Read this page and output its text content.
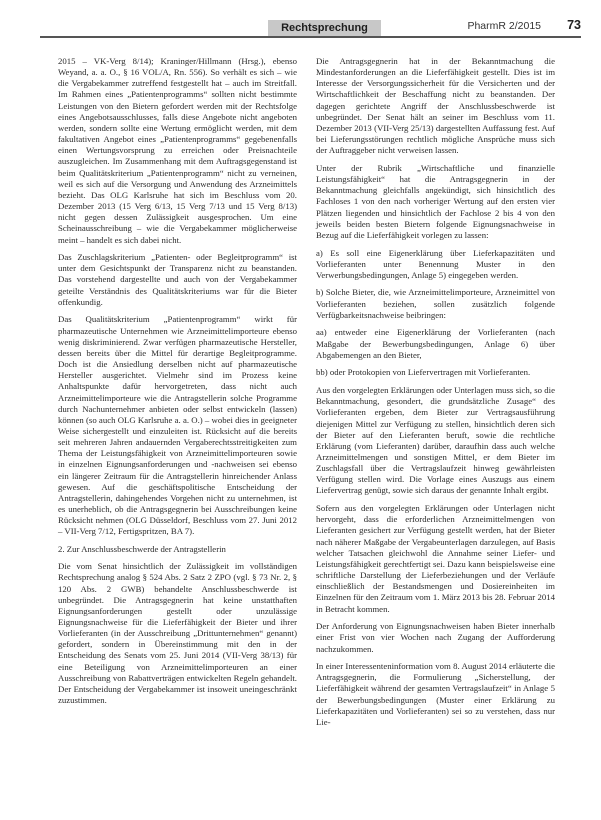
Rechtsprechung	PharmR 2/2015 73

2015 – VK-Verg 8/14); Kraninger/Hillmann (Hrsg.), ebenso Weyand, a. a. O., § 16 VOL/A, Rn. 556). So verhält es sich – wie die Vergabekammer zutreffend festgestellt hat – auch im Streitfall. Im Rahmen eines „Patientenprogramms“ sollten nicht bestimmte Leistungen von den Bietern gefordert werden mit der Rechtsfolge eines Angebotsausschlusses, falls diese Angebote nicht angeboten werden, sondern sollte eine Wertung ermöglicht werden, mit dem fakultativen Angebot eines „Patientenprogramms“ gegebenenfalls einen Wertungsvorsprung zu erreichen oder Preisnachteile auszugleichen. Im Zusammenhang mit dem Auftragsgegenstand ist beim Qualitätskriterium „Patientenprogramm“ nicht zu verneinen, weil es sich auf die Versorgung und Anwendung des Arzneimittels bezieht. Das OLG Karlsruhe hat sich im Beschluss vom 20. Dezember 2013 (15 Verg 6/13, 15 Verg 7/13 und 15 Verg 8/13) nicht gegen dessen Zulässigkeit ausgesprochen. Um eine Scheinausschreibung – wie die Vergabekammer möglicherweise meint – handelt es sich dabei nicht.

Das Zuschlagskriterium „Patienten- oder Begleitprogramm“ ist unter dem Gesichtspunkt der Transparenz nicht zu beanstanden. Das vorstehend dargestellte und auch von der Vergabekammer geteilte Verständnis des Qualitätskriteriums war für die Bieter offenkundig.

Das Qualitätskriterium „Patientenprogramm“ wirkt für pharmazeutische Unternehmen wie Arzneimittelimporteure ebenso wenig diskriminierend. Zwar verfügen pharmazeutische Hersteller, dessen bereits über die Mittel für derartige Begleitprogramme. Doch ist die Ansiedlung derselben nicht auf pharmazeutische Hersteller ausgerichtet. Vielmehr sind im Prozess keine Anhaltspunkte dafür hervorgetreten, dass nicht auch Arzneimittelimporteure wie die Antragstellerin solche Programme durch Nachunternehmer anbieten oder selbst entwickeln (lassen) können (so auch OLG Karlsruhe a. a. O.) – wobei dies in geeigneter Weise sichergestellt und einzuleiten ist. Rücksicht auf die bereits seit mehreren Jahren andauernden Vergaberechtsstreitigkeiten zum Thema der Leistungsfähigkeit von Arzneimittelimporteuren sowie in einzelnen Eignungsanforderungen und -nachweisen sei ebenso ein längerer Zeitraum für die Antragstellerin hinreichender Anlass gewesen. Auf die geschäftspolitische Entscheidung der Antragstellerin, dahingehendes Vorgehen nicht zu unternehmen, ist es unerheblich, ob die Antragsgegnerin bei Ausschreibungen keine Rücksicht nehmen (OLG Düsseldorf, Beschluss vom 27. Juni 2012 – VII-Verg 7/12, Fertigspritzen, BA 7).

2. Zur Anschlussbeschwerde der Antragstellerin

Die vom Senat hinsichtlich der Zulässigkeit im vollständigen Rechtsprechung analog § 524 Abs. 2 Satz 2 ZPO (vgl. § 73 Nr. 2, § 120 Abs. 2 GWB) behandelte Anschlussbeschwerde ist unbegründet. Die Antragsgegnerin hat keine unstatthaften Eignungsanforderungen gestellt oder unzulässige Eignungsnachweise für die Lieferfähigkeit der Bieter und ihrer Vorlieferanten (in der Ausschreibung „Drittunternehmen“ genannt) gefordert, sondern in Übereinstimmung mit den in der Entscheidung des Senats vom 25. Juni 2014 (VII-Verg 38/13) für eine Beteiligung von Arzneimittelimporteuren an einer Ausschreibung von Rabattverträgen entwickelten Regeln gehandelt. Der Entscheidung der Vergabekammer ist insoweit uneingeschränkt zuzustimmen.

Die Antragsgegnerin hat in der Bekanntmachung die Mindestanforderungen an die Lieferfähigkeit gestellt. Dies ist im Interesse der Versorgungssicherheit für die Versicherten und der Wirtschaftlichkeit der Beschaffung nicht zu beanstanden. Der dagegen gerichtete Angriff der Anschlussbeschwerde ist unbegründet. Der Senat hält an seiner im Beschluss vom 11. Dezember 2013 (VII-Verg 25/13) dargestellten Auffassung fest. Auf bei Lieferungsstörungen rechtlich mögliche Ansprüche muss sich der Auftraggeber nicht verweisen lassen.

Unter der Rubrik „Wirtschaftliche und finanzielle Leistungsfähigkeit“ hat die Antragsgegnerin in der Bekanntmachung gleichfalls angekündigt, sich hinsichtlich des Fachloses 1 von den nach vorheriger Wertung auf den ersten vier Plätzen liegenden und hinsichtlich der Fachlose 2 bis 4 von den jeweils beiden besten Bietern folgende Eignungsnachweise in Bezug auf die Lieferfähigkeit vorlegen zu lassen:

a) Es soll eine Eigenerklärung über Lieferkapazitäten und Vorlieferanten unter Benennung Muster in den Verwerbungsbedingungen, Anlage 5) eingegeben werden.

b) Solche Bieter, die, wie Arzneimittelimporteure, Arzneimittel von Vorlieferanten beziehen, sollen zusätzlich folgende Verfügbarkeitsnachweise beibringen:

aa) entweder eine Eigenerklärung der Vorlieferanten (nach Maßgabe der Bewerbungsbedingungen, Anlage 6) über Abgabemengen an den Bieter,

bb) oder Protokopien von Liefervertragen mit Vorlieferanten.

Aus den vorgelegten Erklärungen oder Unterlagen muss sich, so die Bekanntmachung, gesondert, die grundsätzliche Zusage“ des Vorlieferanten ergeben, dem Bieter zur Vertragsausführung diejenigen Mittel zur Verfügung zu stellen, hinsichtlich deren sich der Bieter auf den Lieferanten beruft, sowie die rechtliche Erklärung (vom Lieferanten) darüber, daraufhin dass auch welche Arzneimittelmengen und sonstigen Mittel, er dem Bieter im Zuschlagsfall über die Vertragslaufzeit hinweg gewährleisten Verfügung stellen wird. Die Vorlage eines Auszugs aus einem Liefervertrag genügt, sowie sich daraus der genannte Inhalt ergibt.

Sofern aus den vorgelegten Erklärungen oder Unterlagen nicht hervorgeht, dass die erforderlichen Arzneimittelmengen von Lieferanten gesichert zur Verfügung gestellt werden, hat der Bieter nach näherer Maßgabe der Vergabeunterlagen darzulegen, auf Basis welcher Tatsachen gleichwohl die Annahme seiner Liefer- und Leistungsfähigkeit gerechtfertigt sei. Dazu kann beispielsweise eine schriftliche Darstellung der Lieferbeziehungen und der Verläufe einschließlich der Bestandsmengen und Dosiereinheiten im Einzelnen für den Zeitraum vom 1. März 2013 bis 28. Februar 2014 in Betracht kommen.

Der Anforderung von Eignungsnachweisen haben Bieter innerhalb einer Frist von vier Wochen nach Zugang der Aufforderung nachzukommen.

In einer Interessenteninformation vom 8. August 2014 erläuterte die Antragsgegnerin, die Formulierung „Sicherstellung, der Lieferfähigkeit während der gesamten Vertragslaufzeit“ in Anlage 5 der Bewerbungsbedingungen (Muster einer Erklärung zu Lieferkapazitäten und Vorlieferanten) sei so zu verstehen, dass nur Lie-
